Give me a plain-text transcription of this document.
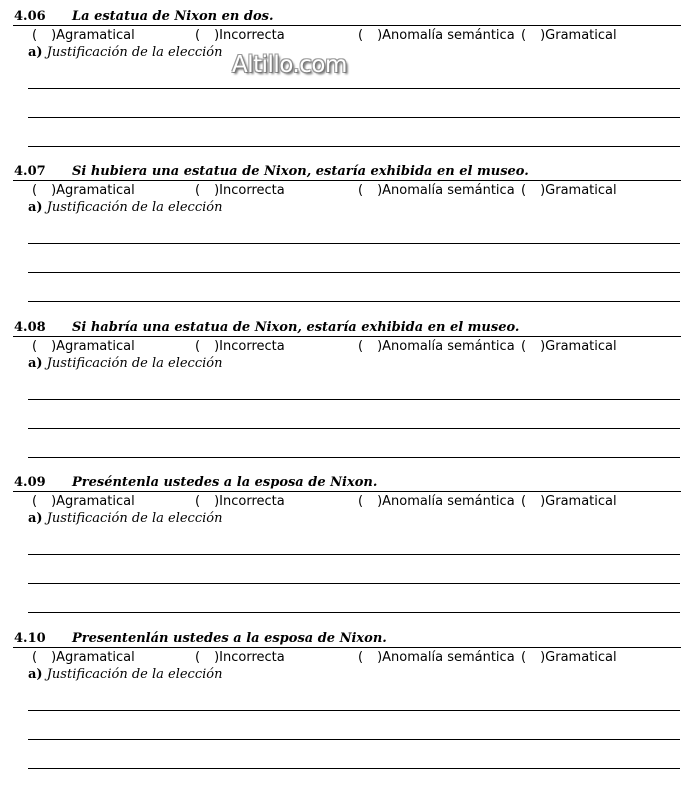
4.06 La estatua de Nixon en dos.
( )Agramatical	( )Incorrecta	( )Anomalía semántica ( )Gramatical
a) Justificación de la elección
4.07 Si hubiera una estatua de Nixon, estaría exhibida en el museo.
( )Agramatical	( )Incorrecta	( )Anomalía semántica ( )Gramatical
a) Justificación de la elección
4.08 Si habría una estatua de Nixon, estaría exhibida en el museo.
( )Agramatical	( )Incorrecta	( )Anomalía semántica ( )Gramatical
a) Justificación de la elección
4.09 Preséntenla ustedes a la esposa de Nixon.
( )Agramatical	( )Incorrecta	( )Anomalía semántica ( )Gramatical
a) Justificación de la elección
4.10 Presentenlán ustedes a la esposa de Nixon.
( )Agramatical	( )Incorrecta	( )Anomalía semántica ( )Gramatical
a) Justificación de la elección
Altillo.com
